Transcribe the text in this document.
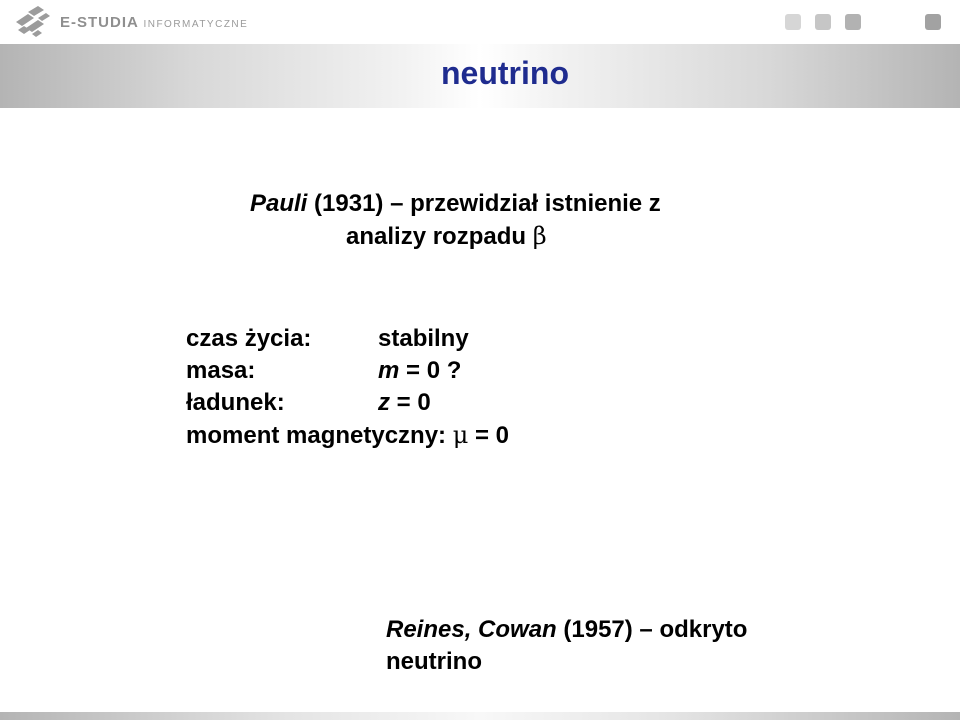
E-STUDIA INFORMATYCZNE
neutrino
Pauli (1931) – przewidział istnienie z
analizy rozpadu β
czas życia:	stabilny
masa:	m = 0 ?
ładunek:	z = 0
moment magnetyczny: μ = 0
Reines, Cowan (1957) – odkryto
neutrino
